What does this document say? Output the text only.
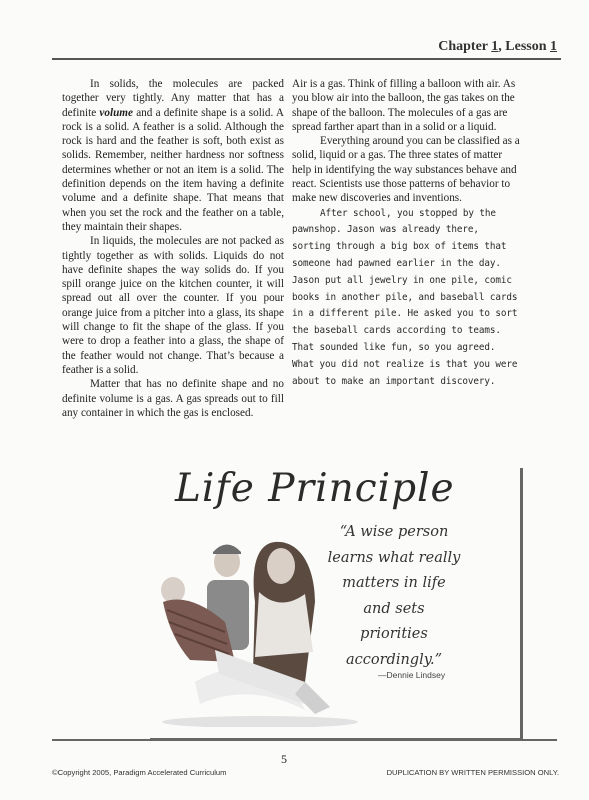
Chapter 1, Lesson 1

In solids, the molecules are packed together very tightly. Any matter that has a definite volume and a definite shape is a solid. A rock is a solid. A feather is a solid. Although the rock is hard and the feather is soft, both exist as solids. Remember, neither hardness nor softness determines whether or not an item is a solid. The definition depends on the item having a definite volume and a definite shape. That means that when you set the rock and the feather on a table, they maintain their shapes.

In liquids, the molecules are not packed as tightly together as with solids. Liquids do not have definite shapes the way solids do. If you spill orange juice on the kitchen counter, it will spread out all over the counter. If you pour orange juice from a pitcher into a glass, its shape will change to fit the shape of the glass. If you were to drop a feather into a glass, the shape of the feather would not change. That’s because a feather is a solid.

Matter that has no definite shape and no definite volume is a gas. A gas spreads out to fill any container in which the gas is enclosed.

Air is a gas. Think of filling a balloon with air. As you blow air into the balloon, the gas takes on the shape of the balloon. The molecules of a gas are spread farther apart than in a solid or a liquid.

Everything around you can be classified as a solid, liquid or a gas. The three states of matter help in identifying the way substances behave and react. Scientists use those patterns of behavior to make new discoveries and inventions.

After school, you stopped by the pawnshop. Jason was already there, sorting through a big box of items that someone had pawned earlier in the day. Jason put all jewelry in one pile, comic books in another pile, and baseball cards in a different pile. He asked you to sort the baseball cards according to teams. That sounded like fun, so you agreed. What you did not realize is that you were about to make an important discovery.

Life Principle
“A wise person
learns what really
matters in life
and sets
priorities
accordingly.”
—Dennie Lindsey
5
©Copyright 2005, Paradigm Accelerated Curriculum	DUPLICATION BY WRITTEN PERMISSION ONLY.
